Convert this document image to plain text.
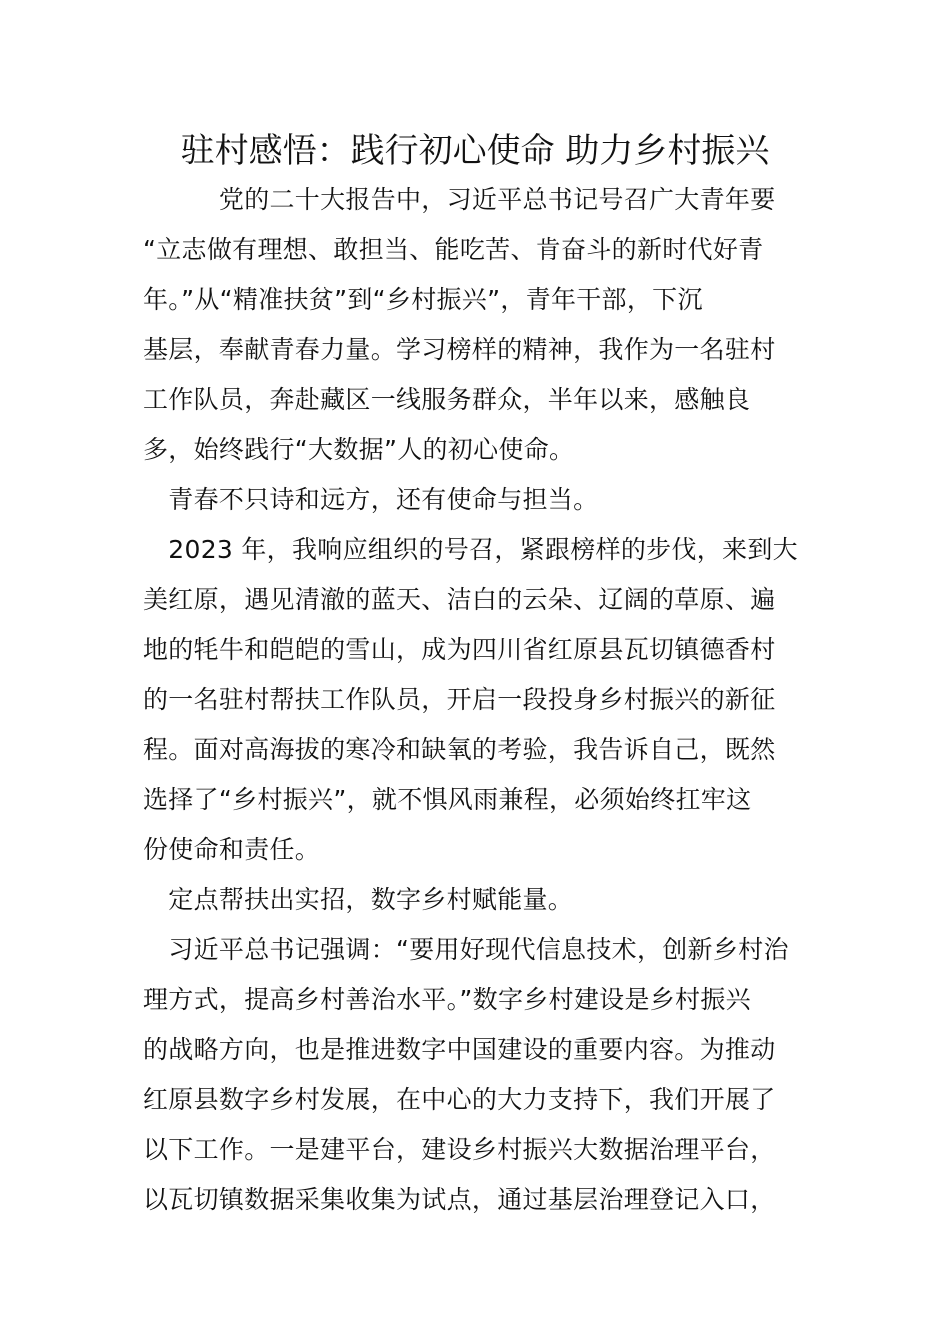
驻村感悟：践行初心使命 助力乡村振兴
　　　党的二十大报告中，习近平总书记号召广大青年要
“立志做有理想、敢担当、能吃苦、肯奋斗的新时代好青
年。”从“精准扶贫”到“乡村振兴”，青年干部，下沉
基层，奉献青春力量。学习榜样的精神，我作为一名驻村
工作队员，奔赴藏区一线服务群众，半年以来，感触良
多，始终践行“大数据”人的初心使命。
　青春不只诗和远方，还有使命与担当。
　2023 年，我响应组织的号召，紧跟榜样的步伐，来到大
美红原，遇见清澈的蓝天、洁白的云朵、辽阔的草原、遍
地的牦牛和皑皑的雪山，成为四川省红原县瓦切镇德香村
的一名驻村帮扶工作队员，开启一段投身乡村振兴的新征
程。面对高海拔的寒冷和缺氧的考验，我告诉自己，既然
选择了“乡村振兴”，就不惧风雨兼程，必须始终扛牢这
份使命和责任。
　定点帮扶出实招，数字乡村赋能量。
　习近平总书记强调：“要用好现代信息技术，创新乡村治
理方式，提高乡村善治水平。”数字乡村建设是乡村振兴
的战略方向，也是推进数字中国建设的重要内容。为推动
红原县数字乡村发展，在中心的大力支持下，我们开展了
以下工作。一是建平台，建设乡村振兴大数据治理平台，
以瓦切镇数据采集收集为试点，通过基层治理登记入口，
